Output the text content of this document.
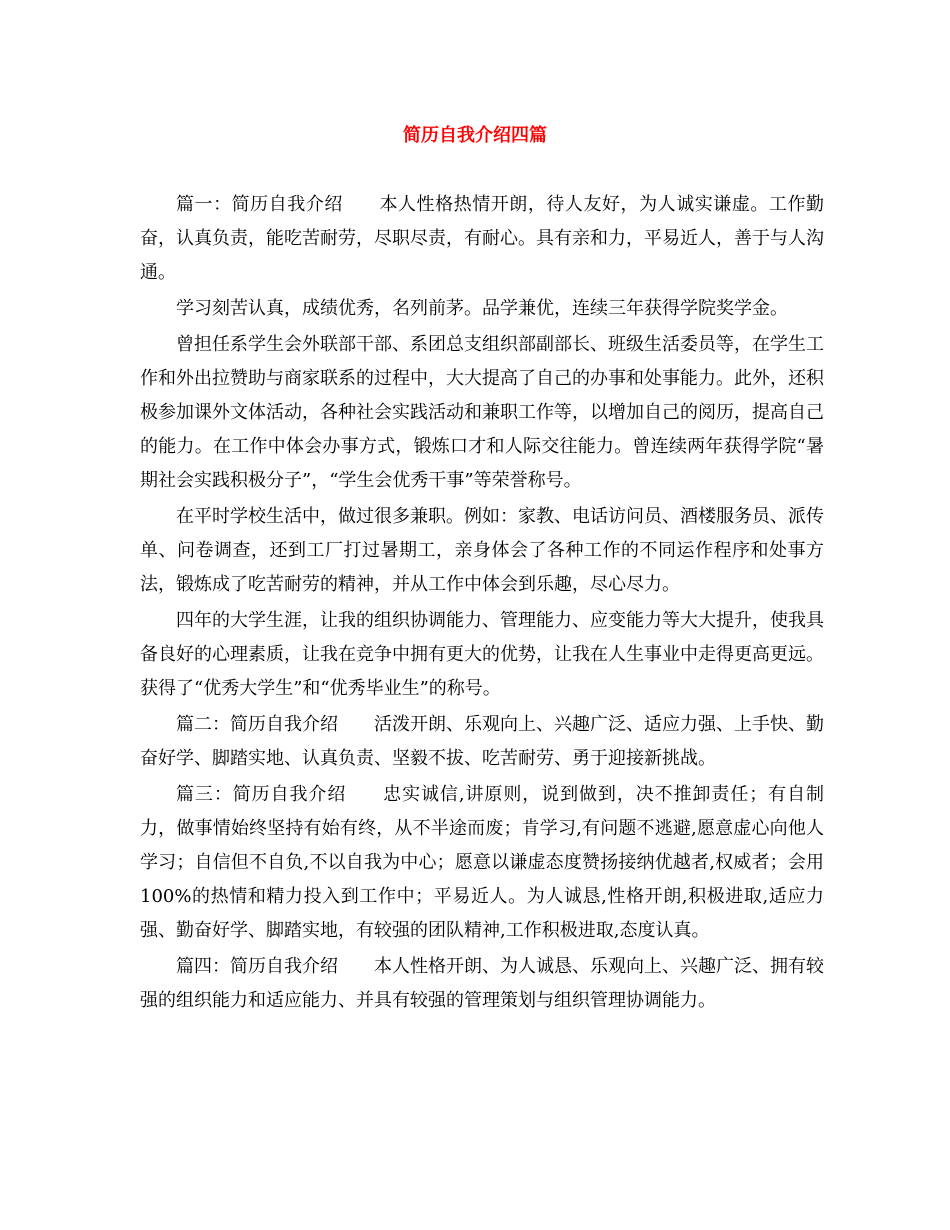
简历自我介绍四篇

篇一：简历自我介绍 本人性格热情开朗，待人友好，为人诚实谦虚。工作勤奋，认真负责，能吃苦耐劳，尽职尽责，有耐心。具有亲和力，平易近人，善于与人沟通。

学习刻苦认真，成绩优秀，名列前茅。品学兼优，连续三年获得学院奖学金。

曾担任系学生会外联部干部、系团总支组织部副部长、班级生活委员等，在学生工作和外出拉赞助与商家联系的过程中，大大提高了自己的办事和处事能力。此外，还积极参加课外文体活动，各种社会实践活动和兼职工作等，以增加自己的阅历，提高自己的能力。在工作中体会办事方式，锻炼口才和人际交往能力。曾连续两年获得学院“暑期社会实践积极分子”，“学生会优秀干事”等荣誉称号。

在平时学校生活中，做过很多兼职。例如：家教、电话访问员、酒楼服务员、派传单、问卷调查，还到工厂打过暑期工，亲身体会了各种工作的不同运作程序和处事方法，锻炼成了吃苦耐劳的精神，并从工作中体会到乐趣，尽心尽力。

四年的大学生涯，让我的组织协调能力、管理能力、应变能力等大大提升，使我具备良好的心理素质，让我在竞争中拥有更大的优势，让我在人生事业中走得更高更远。获得了“优秀大学生”和“优秀毕业生”的称号。

篇二：简历自我介绍 活泼开朗、乐观向上、兴趣广泛、适应力强、上手快、勤奋好学、脚踏实地、认真负责、坚毅不拔、吃苦耐劳、勇于迎接新挑战。

篇三：简历自我介绍 忠实诚信,讲原则，说到做到，决不推卸责任；有自制力，做事情始终坚持有始有终，从不半途而废；肯学习,有问题不逃避,愿意虚心向他人学习；自信但不自负,不以自我为中心；愿意以谦虚态度赞扬接纳优越者,权威者；会用100%的热情和精力投入到工作中；平易近人。为人诚恳,性格开朗,积极进取,适应力强、勤奋好学、脚踏实地，有较强的团队精神,工作积极进取,态度认真。

篇四：简历自我介绍 本人性格开朗、为人诚恳、乐观向上、兴趣广泛、拥有较强的组织能力和适应能力、并具有较强的管理策划与组织管理协调能力。
